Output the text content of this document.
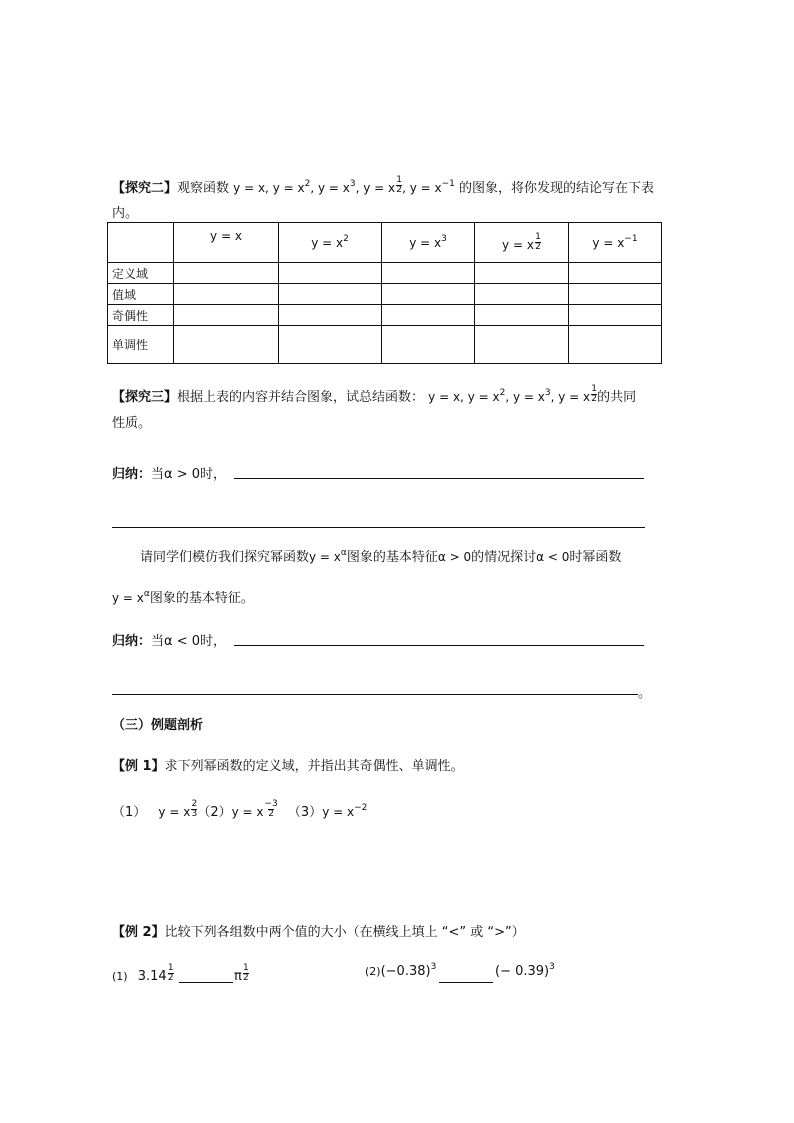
【探究二】观察函数 y = x, $y = x^2$, $y = x^3$, y = x $\frac{1}{2}$ , $y = x^{-1}$ 的图象，将你发现的结论写在下表
内。
	y = x	$y = x^2$	$y = x^3$	y = x $\frac{1}{2}$	$y = x^{-1}$
定义域					
值域					
奇偶性					
单调性					
【探究三】根据上表的内容并结合图象，试总结函数： y = x, $y = x^2$, $y = x^3$, y = x $\frac{1}{2}$ 的共同
性质。
归纳：当α > 0时，
请同学们模仿我们探究幂函数$y = x^\alpha$图象的基本特征α > 0的情况探讨α < 0时幂函数
$y = x^\alpha$图象的基本特征。
归纳：当α < 0时，
。
（三）例题剖析
【例 1】求下列幂函数的定义域，并指出其奇偶性、单调性。
（1） y = x $\frac{2}{3} (2)y = x \frac{-3}{2} (3)y = x^{-2}$
【例 2】比较下列各组数中两个值的大小（在横线上填上 “<” 或 “>”）
(1) $3.14 \frac{1}{2}$	π $\frac{1}{2}$	$(2)(-0.38)^3$	(− 0.39)$^3$
